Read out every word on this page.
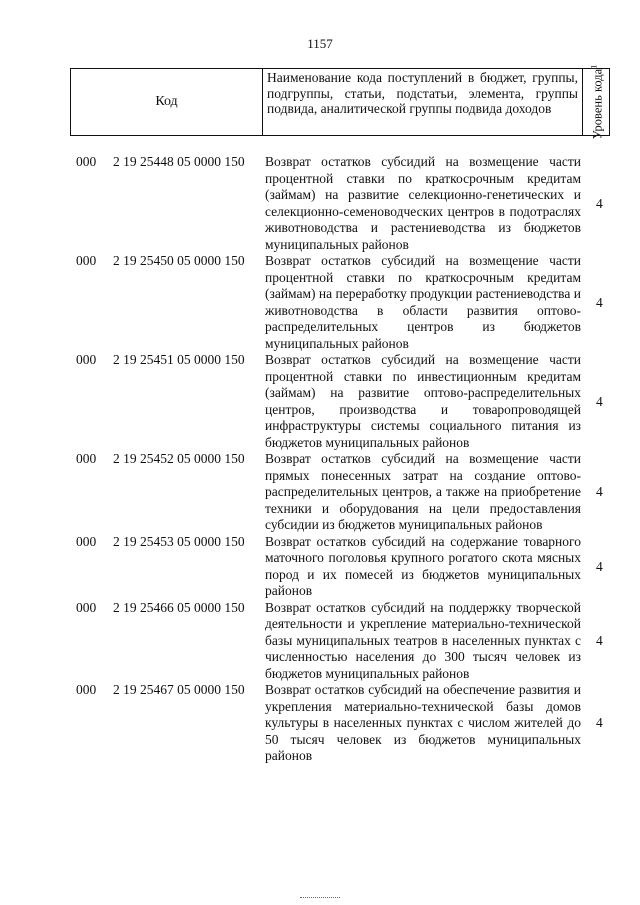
1157
Код
Наименование кода поступлений в бюджет, группы, подгруппы, статьи, подстатьи, элемента, группы подвида, аналитической группы подвида доходов	Уровень кода$^1$
000 2 19 25448 05 0000 150 Возврат остатков субсидий на возмещение части процентной ставки по краткосрочным кредитам (займам) на развитие селекционно-генетических и селекционно-семеноводческих центров в подотраслях животноводства и растениеводства из бюджетов муниципальных районов
4
000 2 19 25450 05 0000 150 Возврат остатков субсидий на возмещение части процентной ставки по краткосрочным кредитам (займам) на переработку продукции растениеводства и животноводства в области развития оптово-распределительных центров из бюджетов муниципальных районов
4
000 2 19 25451 05 0000 150 Возврат остатков субсидий на возмещение части процентной ставки по инвестиционным кредитам (займам) на развитие оптово-распределительных центров, производства и товаропроводящей инфраструктуры системы социального питания из бюджетов муниципальных районов
4
000 2 19 25452 05 0000 150 Возврат остатков субсидий на возмещение части прямых понесенных затрат на создание оптово-распределительных центров, а также на приобретение техники и оборудования на цели предоставления субсидии из бюджетов муниципальных районов
4
000 2 19 25453 05 0000 150 Возврат остатков субсидий на содержание товарного маточного поголовья крупного рогатого скота мясных пород и их помесей из бюджетов муниципальных районов
4
000 2 19 25466 05 0000 150 Возврат остатков субсидий на поддержку творческой деятельности и укрепление материально-технической базы муниципальных театров в населенных пунктах с численностью населения до 300 тысяч человек из бюджетов муниципальных районов
4
000 2 19 25467 05 0000 150 Возврат остатков субсидий на обеспечение развития и укрепления материально-технической базы домов культуры в населенных пунктах с числом жителей до 50 тысяч человек из бюджетов муниципальных районов
4
